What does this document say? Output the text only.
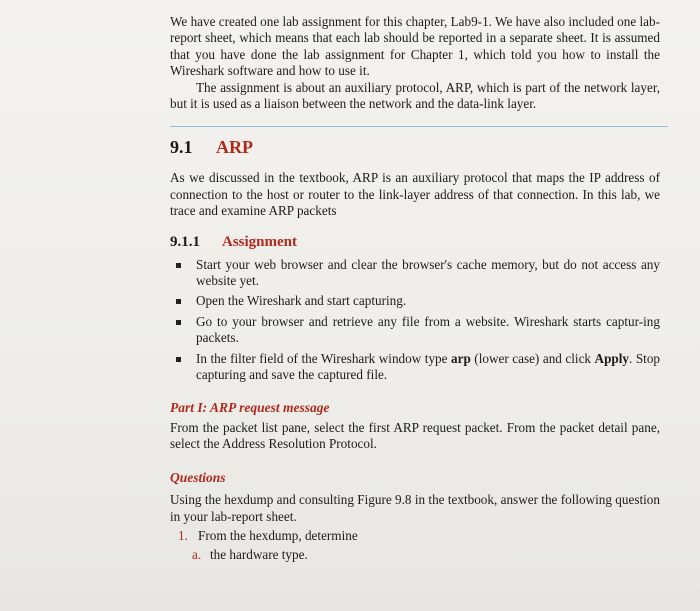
We have created one lab assignment for this chapter, Lab9-1. We have also included one lab-report sheet, which means that each lab should be reported in a separate sheet. It is assumed that you have done the lab assignment for Chapter 1, which told you how to install the Wireshark software and how to use it.

The assignment is about an auxiliary protocol, ARP, which is part of the network layer, but it is used as a liaison between the network and the data-link layer.

9.1 ARP

As we discussed in the textbook, ARP is an auxiliary protocol that maps the IP address of connection to the host or router to the link-layer address of that connection. In this lab, we trace and examine ARP packets

9.1.1 Assignment
Start your web browser and clear the browser's cache memory, but do not access any website yet.
Open the Wireshark and start capturing.
Go to your browser and retrieve any file from a website. Wireshark starts captur-ing packets.
In the filter field of the Wireshark window type arp (lower case) and click Apply. Stop capturing and save the captured file.
Part I: ARP request message

From the packet list pane, select the first ARP request packet. From the packet detail pane, select the Address Resolution Protocol.

Questions

Using the hexdump and consulting Figure 9.8 in the textbook, answer the following question in your lab-report sheet.

1. From the hexdump, determine
a. the hardware type.
